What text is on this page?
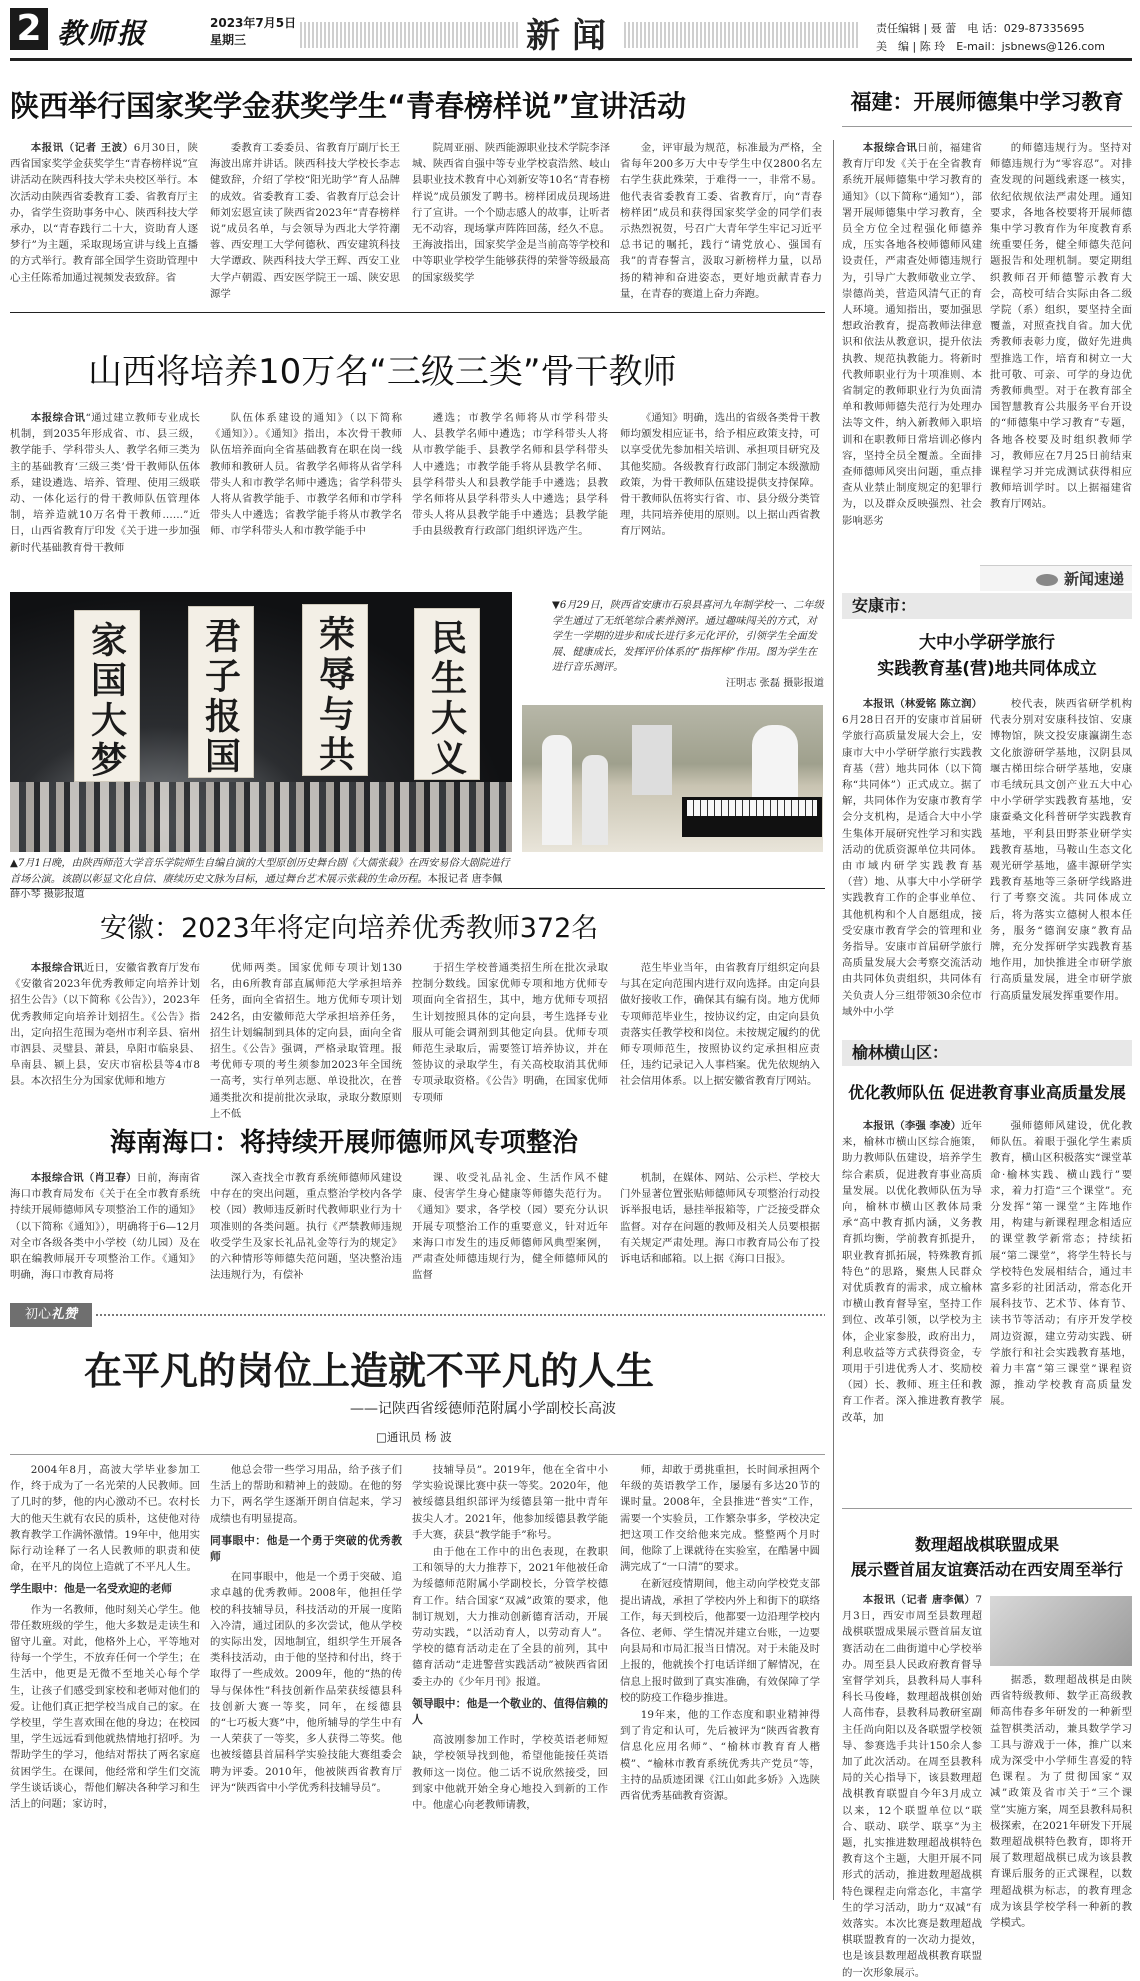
2 教师报	2023年7月5日
星期三	新闻	责任编辑 | 聂 蕾　电 话：029-87335695
美　编 | 陈 玲　E-mail：jsbnews@126.com
陕西举行国家奖学金获奖学生“青春榜样说”宣讲活动

本报讯（记者 王波）6月30日，陕西省国家奖学金获奖学生“青春榜样说”宣讲活动在陕西科技大学未央校区举行。本次活动由陕西省委教育工委、省教育厅主办，省学生资助事务中心、陕西科技大学承办，以“青春践行二十大，资助育人逐梦行”为主题，采取现场宣讲与线上直播的方式举行。教育部全国学生资助管理中心主任陈希加通过视频发表致辞。省

委教育工委委员、省教育厅副厅长王海波出席并讲话。陕西科技大学校长李志健致辞，介绍了学校“阳光助学”育人品牌的成效。省委教育工委、省教育厅总会计师刘宏恩宣读了陕西省2023年“青春榜样说”成员名单，与会领导为西北大学符潮蓉、西安理工大学何德秋、西安建筑科技大学谭政、陕西科技大学王辉、西安工业大学卢朝霞、西安医学院王一瑶、陕安思源学

院周亚丽、陕西能源职业技术学院李泽城、陕西省自强中等专业学校袁浩然、岐山县职业技术教育中心刘新安等10名“青春榜样说”成员颁发了聘书。榜样团成员现场进行了宣讲。一个个励志感人的故事，让听者无不动容，现场掌声阵阵回荡，经久不息。王海波指出，国家奖学金是当前高等学校和中等职业学校学生能够获得的荣誉等级最高的国家级奖学

金，评审最为规范，标准最为严格，全省每年200多万大中专学生中仅2800名左右学生获此殊荣，于难得一一，非常不易。他代表省委教育工委、省教育厅，向“青春榜样团”成员和获得国家奖学金的同学们表示热烈祝贺，号召广大青年学生牢记习近平总书记的嘱托，践行“请党放心、强国有我”的青春誓言，汲取习新榜样力量，以昂扬的精神和奋进姿态，更好地贡献青春力量，在青春的赛道上奋力奔跑。

山西将培养10万名“三级三类”骨干教师

本报综合讯“通过建立教师专业成长机制，到2035年形成省、市、县三级，教学能手、学科带头人、教学名师三类为主的基础教育‘三级三类’骨干教师队伍体系，建设遴选、培养、管理、使用三级联动、一体化运行的骨干教师队伍管理体制，培养造就10万名骨干教师……”近日，山西省教育厅印发《关于进一步加强新时代基础教育骨干教师

队伍体系建设的通知》（以下简称《通知》）。《通知》指出，本次骨干教师队伍培养面向全省基础教育在职在岗一线教师和教研人员。省教学名师将从省学科带头人和市教学名师中遴选；省学科带头人将从省教学能手、市教学名师和市学科带头人中遴选；省教学能手将从市教学名师、市学科带头人和市教学能手中

遴选；市教学名师将从市学科带头人、县教学名师中遴选；市学科带头人将从市教学能手、县教学名师和县学科带头人中遴选；市教学能手将从县教学名师、县学科带头人和县教学能手中遴选；县教学名师将从县学科带头人中遴选；县学科带头人将从县教学能手中遴选；县教学能手由县级教育行政部门组织评选产生。

《通知》明确，选出的省级各类骨干教师均颁发相应证书，给予相应政策支持，可以享受优先参加相关培训、承担项目研究及其他奖励。各级教育行政部门制定本级激励政策，为骨干教师队伍建设提供支持保障。骨干教师队伍将实行省、市、县分级分类管理，共同培养使用的原则。以上据山西省教育厅网站。

家国大梦 君子报国 荣辱与共 民生大义
▲7月1日晚，由陕西师范大学音乐学院师生自编自演的大型原创历史舞台剧《大儒张载》在西安易俗大剧院进行首场公演。该剧以彰显文化自信、赓续历史文脉为目标，通过舞台艺术展示张载的生命历程。本报记者 唐李佩　薛小琴 摄影报道
▼6月29日，陕西省安康市石泉县喜河九年制学校一、二年级学生通过了无纸笔综合素养测评。通过趣味闯关的方式，对学生一学期的进步和成长进行多元化评价，引领学生全面发展、健康成长，发挥评价体系的“指挥棒”作用。图为学生在进行音乐测评。
汪明志 张磊 摄影报道
安徽：2023年将定向培养优秀教师372名

本报综合讯近日，安徽省教育厅发布《安徽省2023年优秀教师定向培养计划招生公告》（以下简称《公告》），2023年优秀教师定向培养计划招生。《公告》指出，定向招生范围为亳州市利辛县、宿州市泗县、灵璧县、萧县，阜阳市临泉县、阜南县、颍上县，安庆市宿松县等4市8县。本次招生分为国家优师和地方

优师两类。国家优师专项计划130名，由6所教育部直属师范大学承担培养任务，面向全省招生。地方优师专项计划242名，由安徽师范大学承担培养任务，招生计划编制到具体的定向县，面向全省招生。《公告》强调，严格录取管理。报考优师专项的考生须参加2023年全国统一高考，实行单列志愿、单设批次，在普通类批次和提前批次录取，录取分数原则上不低

于招生学校普通类招生所在批次录取控制分数线。国家优师专项和地方优师专项面向全省招生，其中，地方优师专项招生计划按照具体的定向县，考生选择专业服从可能会调剂到其他定向县。优师专项师范生录取后，需要签订培养协议，并在签协议的录取学生，有关高校取消其优师专项录取资格。《公告》明确，在国家优师专项师

范生毕业当年，由省教育厅组织定向县与其在定向范围内进行双向选择。由定向县做好接收工作，确保其有编有岗。地方优师专项师范毕业生，按协议约定，由定向县负责落实任教学校和岗位。未按规定履约的优师专项师范生，按照协议约定承担相应责任，违约记录记入人事档案。优先依规纳入社会信用体系。以上据安徽省教育厅网站。

海南海口：将持续开展师德师风专项整治

本报综合讯（肖卫春）日前，海南省海口市教育局发布《关于在全市教育系统持续开展师德师风专项整治工作的通知》（以下简称《通知》），明确将于6—12月对全市各级各类中小学校（幼儿园）及在职在编教师展开专项整治工作。《通知》明确，海口市教育局将

深入查找全市教育系统师德师风建设中存在的突出问题，重点整治学校内各学校（园）教师违反新时代教师职业行为十项准则的各类问题。执行《严禁教师违规收受学生及家长礼品礼金等行为的规定》的六种情形等师德失范问题，坚决整治违法违规行为，有偿补

课、收受礼品礼金、生活作风不健康、侵害学生身心健康等师德失范行为。《通知》要求，各学校（园）要充分认识开展专项整治工作的重要意义，针对近年来海口市发生的违反师德师风典型案例，严肃查处师德违规行为，健全师德师风的监督

机制，在媒体、网站、公示栏、学校大门外显著位置张贴师德师风专项整治行动投诉举报电话，悬挂举报箱等，广泛接受群众监督。对存在问题的教师及相关人员要根据有关规定严肃处理。海口市教育局公布了投诉电话和邮箱。以上据《海口日报》。

初心礼赞
在平凡的岗位上造就不平凡的人生
——记陕西省绥德师范附属小学副校长高波
□通讯员 杨 波

2004年8月，高波大学毕业参加工作，终于成为了一名光荣的人民教师。回了几时的梦，他的内心激动不已。农村长大的他天生就有农民的质朴，这使他对待教育教学工作满怀激情。19年中，他用实际行动诠释了一名人民教师的职责和使命，在平凡的岗位上造就了不平凡人生。

学生眼中：他是一名受欢迎的老师

作为一名教师，他时刻关心学生。他带任数班级的学生，他大多数是走读生和留守儿童。对此，他格外上心，平等地对待每一个学生，不放弃任何一个学生；在生活中，他更是无微不至地关心每个学生，让孩子们感受到家校和老师对他们的爱。让他们真正把学校当成自己的家。在学校里，学生喜欢围在他的身边；在校园里，学生远远看到他就热情地打招呼。为帮助学生的学习，他结对帮扶了两名家庭贫困学生。在课间，他经常和学生们交流学生谈话谈心，帮他们解决各种学习和生活上的问题；家访时，

他总会带一些学习用品，给予孩子们生活上的帮助和精神上的鼓励。在他的努力下，两名学生逐渐开朗自信起来，学习成绩也有明显提高。

同事眼中：他是一个勇于突破的优秀教师

在同事眼中，他是一个勇于突破、追求卓越的优秀教师。2008年，他担任学校的科技辅导员，科技活动的开展一度陷入冷清，通过团队的多次尝试，他从学校的实际出发，因地制宜，组织学生开展各类科技活动，由于他的坚持和付出，终于取得了一些成效。2009年，他的“热的传导与保体性”科技创新作品荣获绥德县科技创新大赛一等奖，同年，在绥德县的“七巧板大赛”中，他所辅导的学生中有一人荣获了一等奖，多人获得二等奖。他也被绥德县首届科学实验技能大赛组委会聘为评委。2010年，他被陕西省教育厅评为“陕西省中小学优秀科技辅导员”。

技辅导员”。2019年，他在全省中小学实验说课比赛中获一等奖。2020年，他被绥德县组织部评为绥德县第一批中青年拔尖人才。2021年，他参加绥德县教学能手大赛，获县“教学能手”称号。

由于他在工作中的出色表现，在教职工和领导的大力推荐下，2021年他被任命为绥德师范附属小学副校长，分管学校德育工作。结合国家“双减”政策的要求，他制订规划，大力推动创新德育活动，开展劳动实践，“以活动育人，以劳动育人”。学校的德育活动走在了全县的前列，其中德育活动“走进警营实践活动”被陕西省团委主办的《少年月刊》报道。

领导眼中：他是一个敬业的、值得信赖的人

高波刚参加工作时，学校英语老师短缺，学校领导找到他，希望他能接任英语教师这一岗位。他二话不说欣然接受，回到家中他就开始全身心地投入到新的工作中。他虚心向老教师请教，

师，却敢于勇挑重担，长时间承担两个年级的英语教学工作，屡屡有多达20节的课时量。2008年，全县推进“普实”工作，需要一个实验员，工作繁杂事多，学校决定把这项工作交给他来完成。整整两个月时间，他除了上课就待在实验室，在酷暑中圆满完成了“一口清”的要求。

在新冠疫情期间，他主动向学校党支部提出请战，承担了学校内外上和街下的联络工作，每天到校后，他都要一边沿理学校内各位、老师、学生情况并建立台账，一边要向县局和市局汇报当日情况。对于未能及时上报的，他就挨个打电话详细了解情况，在信息上报时做到了真实准确，有效保障了学校的防疫工作稳步推进。

19年来，他的工作态度和职业精神得到了肯定和认可，先后被评为“陕西省教育信息化应用名师”、“榆林市教育育人楷模”、“榆林市教育系统优秀共产党员”等，主持的品质迹团课《江山如此多娇》入选陕西省优秀基础教育资源。

福建：开展师德集中学习教育

本报综合讯日前，福建省教育厅印发《关于在全省教育系统开展师德集中学习教育的通知》（以下简称“通知”），部署开展师德集中学习教育，全员全方位全过程强化师德养成，压实各地各校师德师风建设责任，严肃查处师德违规行为，引导广大教师敬业立学、崇德尚美，营造风清气正的育人环境。通知指出，要加强思想政治教育，提高教师法律意识和依法从教意识，提升依法执教、规范执教能力。将新时代教师职业行为十项准则、本省制定的教师职业行为负面清单和教师师德失范行为处理办法等文件，纳入新教师入职培训和在职教师日常培训必修内容，坚持全员全覆盖。全面排查师德师风突出问题，重点排查从业禁止制度规定的犯罪行为，以及群众反映强烈、社会影响恶劣

的师德违规行为。坚持对师德违规行为“零容忍”。对排查发现的问题线索逐一核实，依纪依规依法严肃处理。通知要求，各地各校要将开展师德集中学习教育作为年度教育系统重要任务，健全师德失范问题报告和处理机制。要定期组织教师召开师德警示教育大会，高校可结合实际由各二级学院（系）组织，要坚持全面覆盖，对照查找自省。加大优秀教师表彰力度，做好先进典型推选工作，培育和树立一大批可敬、可亲、可学的身边优秀教师典型。对于在教育部全国智慧教育公共服务平台开设的“师德集中学习教育”专题，各地各校要及时组织教师学习，教师应在7月25日前结束课程学习并完成测试获得相应教师培训学时。以上据福建省教育厅网站。

新闻速递
安康市：
大中小学研学旅行
实践教育基(营)地共同体成立

本报讯（林爱铭 陈立润）6月28日召开的安康市首届研学旅行高质量发展大会上，安康市大中小学研学旅行实践教育基（营）地共同体（以下简称“共同体”）正式成立。据了解，共同体作为安康市教育学会分支机构，是适合大中小学生集体开展研究性学习和实践活动的优质资源单位共同体。由市域内研学实践教育基（营）地、从事大中小学研学实践教育工作的企事业单位、其他机构和个人自愿组成，接受安康市教育学会的管理和业务指导。安康市首届研学旅行高质量发展大会考察交流活动由共同体负责组织，共同体有关负责人分三组带领30余位市域外中小学

校代表，陕西省研学机构代表分别对安康科技馆、安康博物馆，陕文投安康瀛湖生态文化旅游研学基地，汉阴县凤堰古梯田综合研学基地，安康市毛绒玩具文创产业五大中心中小学研学实践教育基地，安康蚕桑文化科普研学实践教育基地，平利县田野茶业研学实践教育基地，马鞍山生态文化观光研学基地，盛丰源研学实践教育基地等三条研学线路进行了考察交流。共同体成立后，将为落实立德树人根本任务，服务“德润安康”教育品牌，充分发挥研学实践教育基地作用，加快推进全市研学旅行高质量发展，进全市研学旅行高质量发展发挥重要作用。

榆林横山区：
优化教师队伍 促进教育事业高质量发展

本报讯（李强 李凌）近年来，榆林市横山区综合施策，助力教师队伍建设，培养学生综合素质，促进教育事业高质量发展。以优化教师队伍为导向，榆林市横山区教体局秉承“高中教育抓内涵，义务教育抓均衡，学前教育抓提升，职业教育抓拓展，特殊教育抓特色”的思路，聚焦人民群众对优质教育的需求，成立榆林市横山教育督导室，坚持工作到位、改革引领，以学校为主体，企业家参股，政府出力，利息收益等方式获得资金，专项用于引进优秀人才、奖励校（园）长、教师、班主任和教育工作者。深入推进教育教学改革，加

强师德师风建设，优化教师队伍。着眼于强化学生素质教育，横山区积极落实“课堂革命·榆林实践、横山践行”要求，着力打造“三个课堂”。充分发挥“第一课堂”主阵地作用，构建与新课程理念相适应的课堂教学新常态；持续拓展“第二课堂”，将学生特长与学校特色发展相结合，通过丰富多彩的社团活动，常态化开展科技节、艺术节、体育节、读书节等活动；有序开发学校周边资源，建立劳动实践、研学旅行和社会实践教育基地，着力丰富“第三课堂”课程资源，推动学校教育高质量发展。

数理超战棋联盟成果
展示暨首届友谊赛活动在西安周至举行

本报讯（记者 唐李佩）7月3日，西安市周至县数理超战棋联盟成果展示暨首届友谊赛活动在二曲街道中心学校举办。周至县人民政府教育督导室督学刘兵，县教科局人事科科长马俊峰，数理超战棋创始人高伟春，县教科局教研室副主任尚向阳以及各联盟学校领导、参赛选手共计150余人参加了此次活动。在周至县教科局的关心指导下，该县数理超战棋教育联盟自今年3月成立以来，12个联盟单位以“联合、联动、联学、联享”为主题，扎实推进数理超战棋特色教育这个主题，大胆开展不同形式的活动，推进数理超战棋特色课程走向常态化，丰富学生的学习活动，助力“双减”有效落实。本次比赛是数理超战棋联盟教育的一次动力提效，也是该县数理超战棋教育联盟的一次形象展示。

据悉，数理超战棋是由陕西省特级教师、数学正高级教师高伟春多年研发的一种新型益智棋类活动，兼具数学学习工具与游戏于一体，推广以来成为深受中小学师生喜爱的特色课程。为了贯彻国家“双减”政策及省市关于“三个课堂”实施方案，周至县教科局积极探索，在2021年研发下开展数理超战棋特色教育，即将开展了数理超战棋已成为该县教育课后服务的正式课程，以数理超战棋为标志，的教育理念成为该县学校学科一种新的教学模式。
